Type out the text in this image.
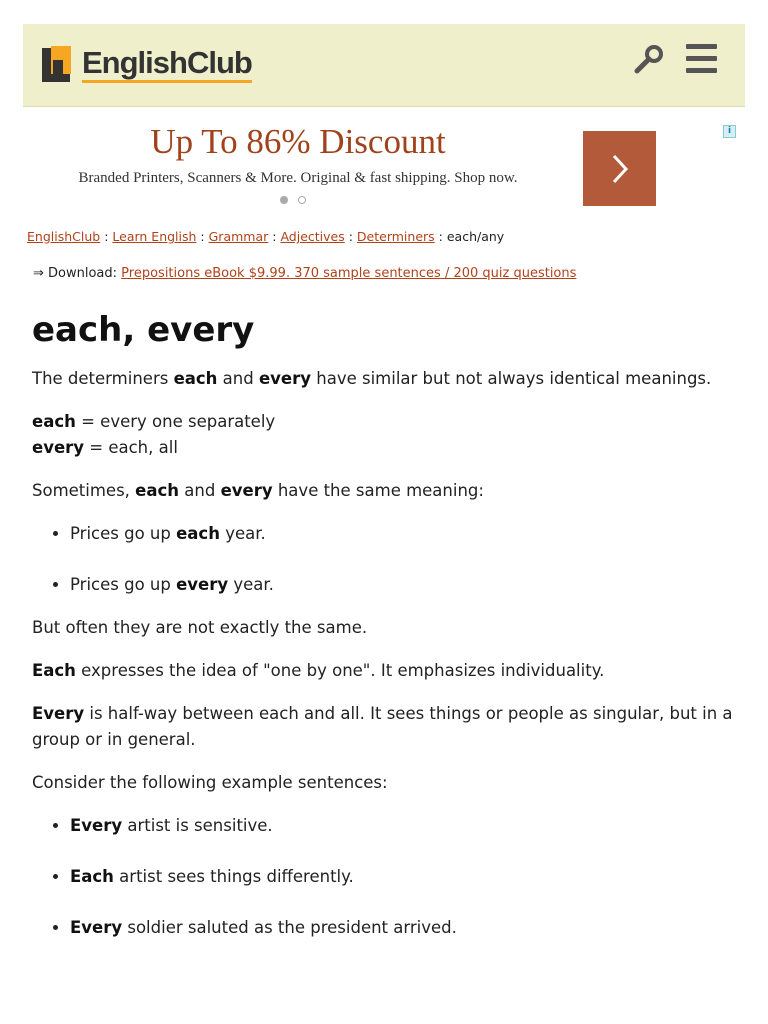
EnglishClub
Up To 86% Discount
Branded Printers, Scanners & More. Original & fast shipping. Shop now.
i
EnglishClub : Learn English : Grammar : Adjectives : Determiners : each/any
⇒ Download: Prepositions eBook $9.99. 370 sample sentences / 200 quiz questions
each, every

The determiners each and every have similar but not always identical meanings.

each = every one separately
every = each, all

Sometimes, each and every have the same meaning:

• Prices go up each year.
• Prices go up every year.

But often they are not exactly the same.

Each expresses the idea of "one by one". It emphasizes individuality.

Every is half-way between each and all. It sees things or people as singular, but in a group or in general.

Consider the following example sentences:

• Every artist is sensitive.
• Each artist sees things differently.
• Every soldier saluted as the president arrived.
